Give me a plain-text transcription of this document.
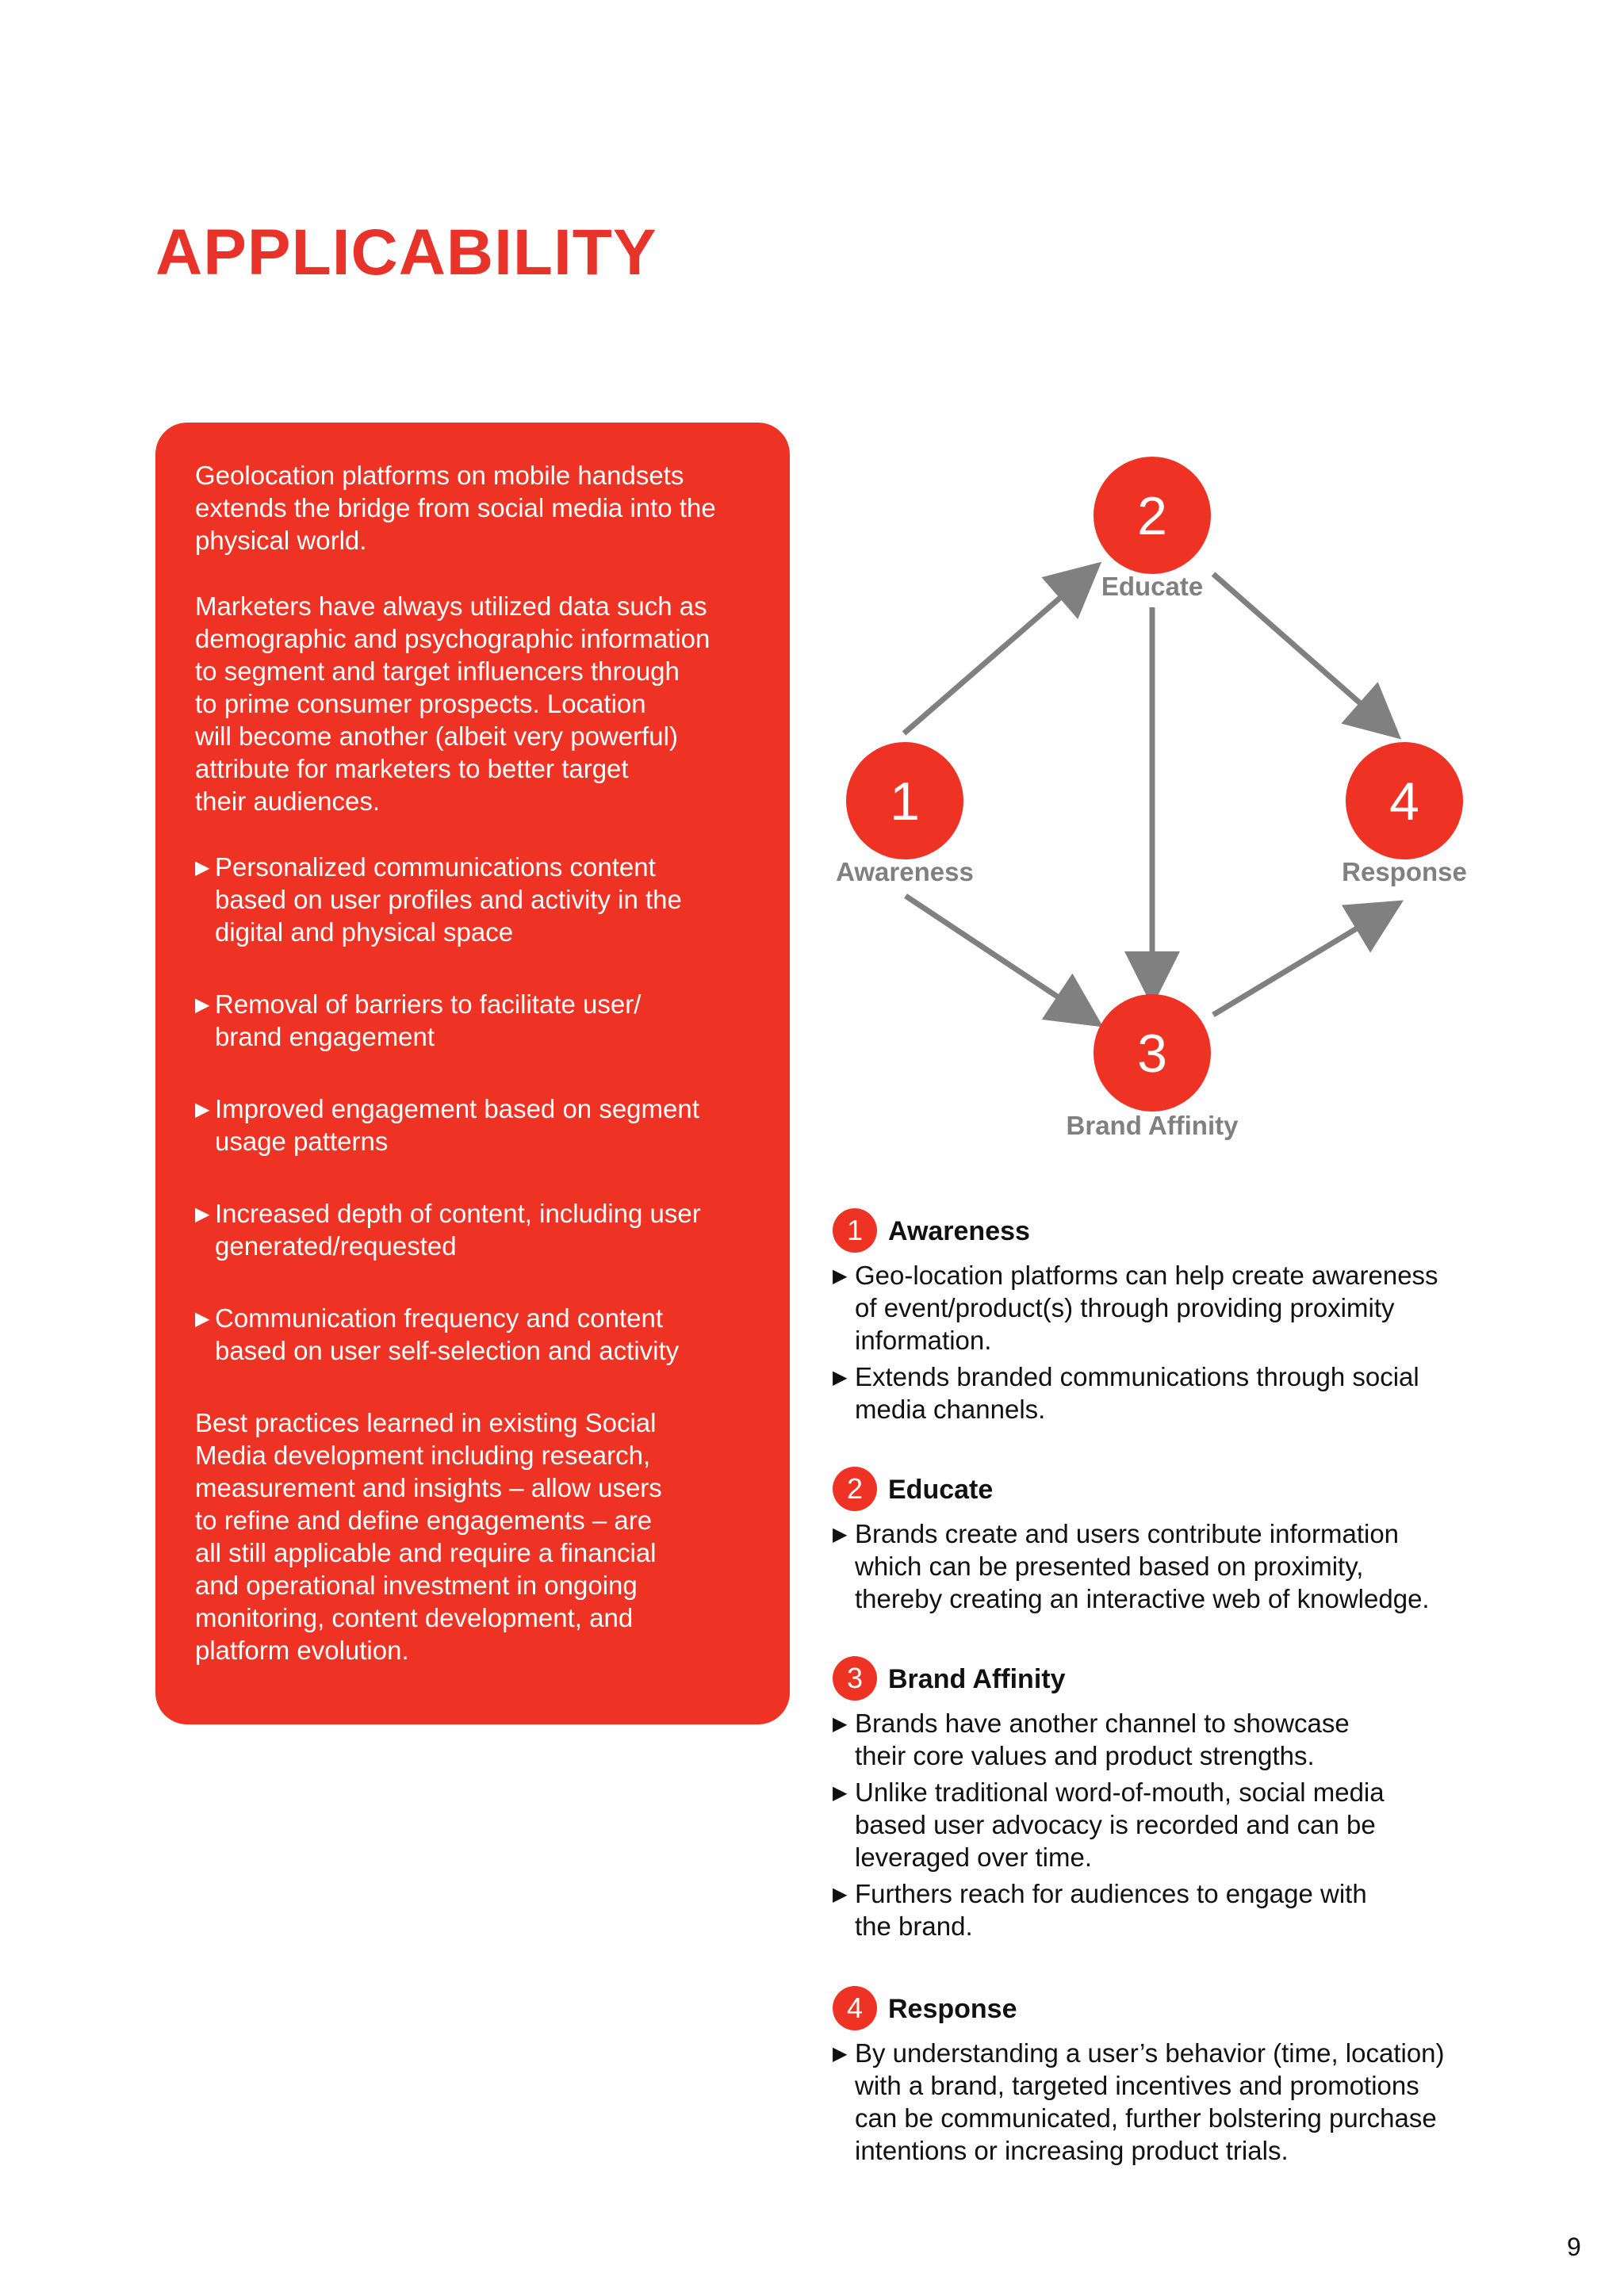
APPLICABILITY

Geolocation platforms on mobile handsets
extends the bridge from social media into the
physical world.

Marketers have always utilized data such as
demographic and psychographic information
to segment and target influencers through
to prime consumer prospects. Location
will become another (albeit very powerful)
attribute for marketers to better target
their audiences.

▶ Personalized communications content
based on user profiles and activity in the
digital and physical space
▶ Removal of barriers to facilitate user/
brand engagement
▶ Improved engagement based on segment
usage patterns
▶ Increased depth of content, including user
generated/requested
▶ Communication frequency and content
based on user self-selection and activity

Best practices learned in existing Social
Media development including research,
measurement and insights – allow users
to refine and define engagements – are
all still applicable and require a financial
and operational investment in ongoing
monitoring, content development, and
platform evolution.

1
Awareness
2
Educate
3
Brand Affinity
4
Response
1 Awareness
▶ Geo-location platforms can help create awareness
of event/product(s) through providing proximity
information.
▶ Extends branded communications through social
media channels.
2 Educate
▶ Brands create and users contribute information
which can be presented based on proximity,
thereby creating an interactive web of knowledge.
3 Brand Affinity
▶ Brands have another channel to showcase
their core values and product strengths.
▶ Unlike traditional word-of-mouth, social media
based user advocacy is recorded and can be
leveraged over time.
▶ Furthers reach for audiences to engage with
the brand.
4 Response
▶ By understanding a user’s behavior (time, location)
with a brand, targeted incentives and promotions
can be communicated, further bolstering purchase
intentions or increasing product trials.
9
